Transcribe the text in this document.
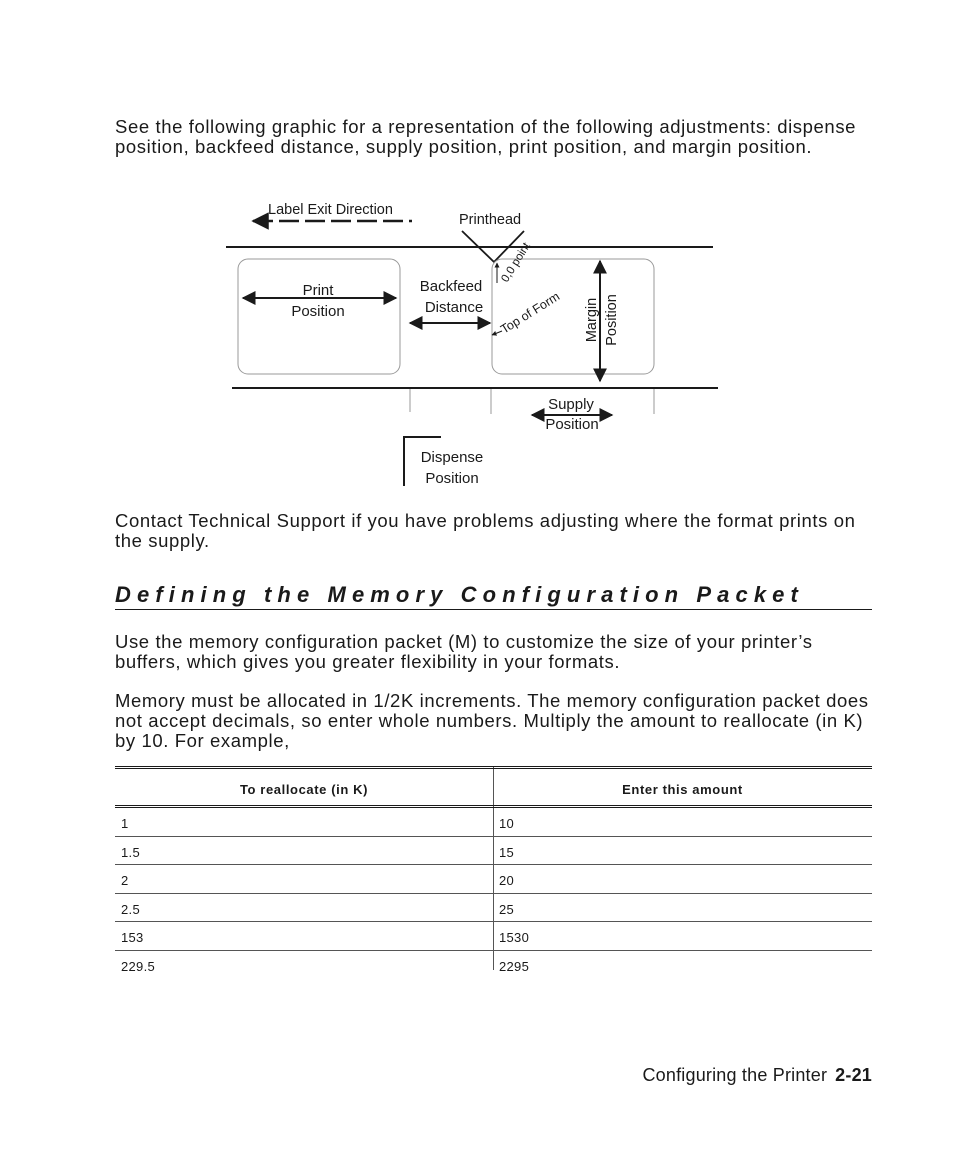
See the following graphic for a representation of the following adjustments: dispense position, backfeed distance, supply position, print position, and margin position.

Label Exit Direction
Printhead
Print
Position
Backfeed
Distance
0,0 point
Top of Form Margin Position
Supply
Position
Dispense
Position

Contact Technical Support if you have problems adjusting where the format prints on the supply.

Defining the Memory Configuration Packet

Use the memory configuration packet (M) to customize the size of your printer’s buffers, which gives you greater flexibility in your formats.

Memory must be allocated in 1/2K increments. The memory configuration packet does not accept decimals, so enter whole numbers. Multiply the amount to reallocate (in K) by 10. For example,

To reallocate (in K)	Enter this amount
1	10
1.5	15
2	20
2.5	25
153	1530
229.5	2295
Configuring the Printer 2-21
